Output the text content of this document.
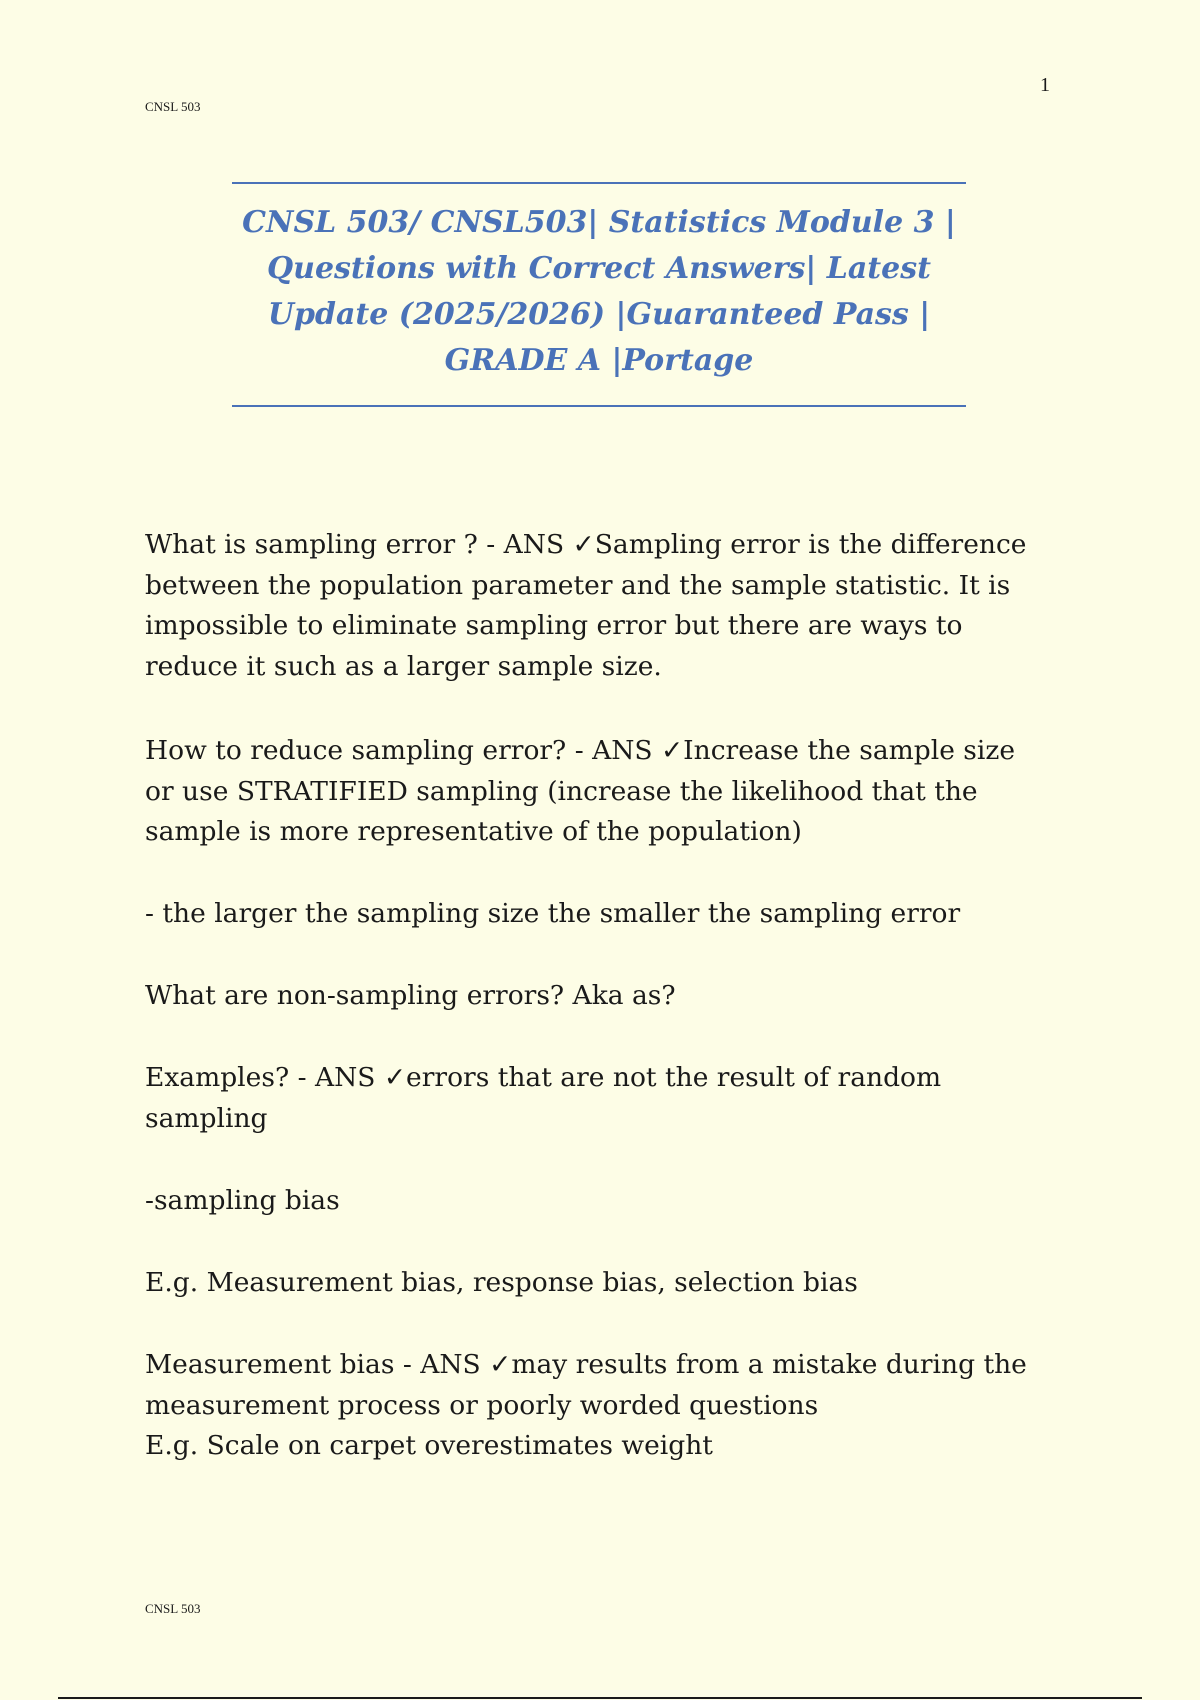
1
CNSL 503
CNSL 503/ CNSL503| Statistics Module 3 |
Questions with Correct Answers| Latest
Update (2025/2026) |Guaranteed Pass |
GRADE A |Portage
What is sampling error ? - ANS ✓Sampling error is the difference
between the population parameter and the sample statistic. It is
impossible to eliminate sampling error but there are ways to
reduce it such as a larger sample size.
How to reduce sampling error? - ANS ✓Increase the sample size
or use STRATIFIED sampling (increase the likelihood that the
sample is more representative of the population)
- the larger the sampling size the smaller the sampling error
What are non-sampling errors? Aka as?
Examples? - ANS ✓errors that are not the result of random
sampling
-sampling bias
E.g. Measurement bias, response bias, selection bias
Measurement bias - ANS ✓may results from a mistake during the
measurement process or poorly worded questions
E.g. Scale on carpet overestimates weight
CNSL 503
